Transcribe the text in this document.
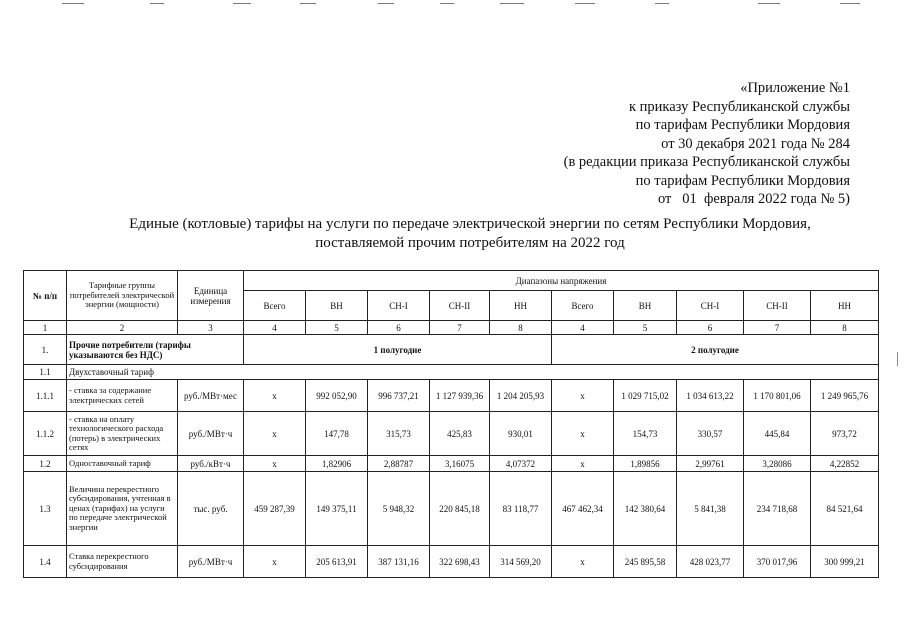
«Приложение №1
к приказу Республиканской службы
по тарифам Республики Мордовия
от 30 декабря 2021 года № 284
(в редакции приказа Республиканской службы
по тарифам Республики Мордовия
от   01  февраля 2022 года № 5)
Единые (котловые) тарифы на услуги по передаче электрической энергии по сетям Республики Мордовия,
поставляемой прочим потребителям на 2022 год
№ п/п	Тарифные группы потребителей электрической энергии (мощности)	Единица измерения	Диапазоны напряжения									
			Всего	ВН	СН-I	СН-II	НН	Всего	ВН	СН-I	СН-II	НН
1	2	3	4	5	6	7	8	4	5	6	7	8
1.	Прочие потребители (тарифы указываются без НДС)		1 полугодие					2 полугодие				
1.1	Двухставочный тариф											
1.1.1	- ставка за содержание электрических сетей	руб./МВт·мес	х	992 052,90	996 737,21	1 127 939,36	1 204 205,93	х	1 029 715,02	1 034 613,22	1 170 801,06	1 249 965,76
1.1.2	- ставка на оплату технологического расхода (потерь) в электрических сетях	руб./МВт·ч	х	147,78	315,73	425,83	930,01	х	154,73	330,57	445,84	973,72
1.2	Одноставочный тариф	руб./кВт·ч	х	1,82906	2,88787	3,16075	4,07372	х	1,89856	2,99761	3,28086	4,22852
1.3	Величина перекрестного субсидирования, учтенная в ценах (тарифах) на услуги по передаче электрической энергии	тыс. руб.	459 287,39	149 375,11	5 948,32	220 845,18	83 118,77	467 462,34	142 380,64	5 841,38	234 718,68	84 521,64
1.4	Ставка перекрестного субсидирования	руб./МВт·ч	х	205 613,91	387 131,16	322 698,43	314 569,20	х	245 895,58	428 023,77	370 017,96	300 999,21
